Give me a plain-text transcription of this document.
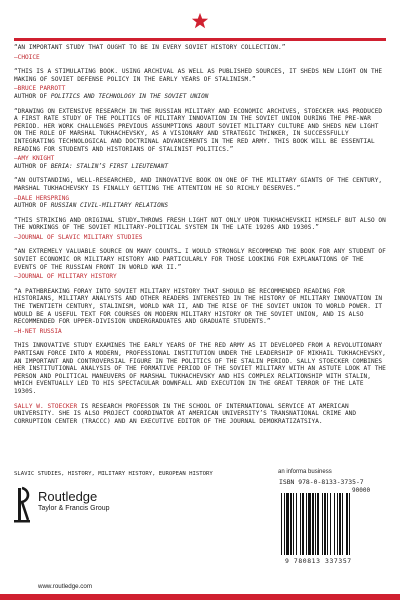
“AN IMPORTANT STUDY THAT OUGHT TO BE IN EVERY SOVIET HISTORY COLLECTION.”

—CHOICE

“THIS IS A STIMULATING BOOK. USING ARCHIVAL AS WELL AS PUBLISHED SOURCES, IT SHEDS NEW LIGHT ON THE MAKING OF SOVIET DEFENSE POLICY IN THE EARLY YEARS OF STALINISM.”

—BRUCE PARROTT

AUTHOR OF POLITICS AND TECHNOLOGY IN THE SOVIET UNION

“DRAWING ON EXTENSIVE RESEARCH IN THE RUSSIAN MILITARY AND ECONOMIC ARCHIVES, STOECKER HAS PRODUCED A FIRST RATE STUDY OF THE POLITICS OF MILITARY INNOVATION IN THE SOVIET UNION DURING THE PRE-WAR PERIOD. HER WORK CHALLENGES PREVIOUS ASSUMPTIONS ABOUT SOVIET MILITARY CULTURE AND SHEDS NEW LIGHT ON THE ROLE OF MARSHAL TUKHACHEVSKY, AS A VISIONARY AND STRATEGIC THINKER, IN SUCCESSFULLY INTEGRATING TECHNOLOGICAL AND DOCTRINAL ADVANCEMENTS IN THE RED ARMY. THIS BOOK WILL BE ESSENTIAL READING FOR STUDENTS AND HISTORIANS OF STALINIST POLITICS.”

—AMY KNIGHT

AUTHOR OF BERIA: STALIN’S FIRST LIEUTENANT

“AN OUTSTANDING, WELL-RESEARCHED, AND INNOVATIVE BOOK ON ONE OF THE MILITARY GIANTS OF THE CENTURY, MARSHAL TUKHACHEVSKY IS FINALLY GETTING THE ATTENTION HE SO RICHLY DESERVES.”

—DALE HERSPRING

AUTHOR OF RUSSIAN CIVIL-MILITARY RELATIONS

“THIS STRIKING AND ORIGINAL STUDY…THROWS FRESH LIGHT NOT ONLY UPON TUKHACHEVSKII HIMSELF BUT ALSO ON THE WORKINGS OF THE SOVIET MILITARY-POLITICAL SYSTEM IN THE LATE 1920S AND 1930S.”

—JOURNAL OF SLAVIC MILITARY STUDIES

“AN EXTREMELY VALUABLE SOURCE ON MANY COUNTS… I WOULD STRONGLY RECOMMEND THE BOOK FOR ANY STUDENT OF SOVIET ECONOMIC OR MILITARY HISTORY AND PARTICULARLY FOR THOSE LOOKING FOR EXPLANATIONS OF THE EVENTS OF THE RUSSIAN FRONT IN WORLD WAR II.”

—JOURNAL OF MILITARY HISTORY

“A PATHBREAKING FORAY INTO SOVIET MILITARY HISTORY THAT SHOULD BE RECOMMENDED READING FOR HISTORIANS, MILITARY ANALYSTS AND OTHER READERS INTERESTED IN THE HISTORY OF MILITARY INNOVATION IN THE TWENTIETH CENTURY, STALINISM, WORLD WAR II, AND THE RISE OF THE SOVIET UNION TO WORLD POWER. IT WOULD BE A USEFUL TEXT FOR COURSES ON MODERN MILITARY HISTORY OR THE SOVIET UNION, AND IS ALSO RECOMMENDED FOR UPPER-DIVISION UNDERGRADUATES AND GRADUATE STUDENTS.”

—H-NET RUSSIA

THIS INNOVATIVE STUDY EXAMINES THE EARLY YEARS OF THE RED ARMY AS IT DEVELOPED FROM A REVOLUTIONARY PARTISAN FORCE INTO A MODERN, PROFESSIONAL INSTITUTION UNDER THE LEADERSHIP OF MIKHAIL TUKHACHEVSKY, AN IMPORTANT AND CONTROVERSIAL FIGURE IN THE POLITICS OF THE STALIN PERIOD. SALLY STOECKER COMBINES HER INSTITUTIONAL ANALYSIS OF THE FORMATIVE PERIOD OF THE SOVIET MILITARY WITH AN ASTUTE LOOK AT THE PERSON AND POLITICAL MANEUVERS OF MARSHAL TUKHACHEVSKY AND HIS COMPLEX RELATIONSHIP WITH STALIN, WHICH EVENTUALLY LED TO HIS SPECTACULAR DOWNFALL AND EXECUTION IN THE GREAT TERROR OF THE LATE 1930S.

SALLY W. STOECKER IS RESEARCH PROFESSOR IN THE SCHOOL OF INTERNATIONAL SERVICE AT AMERICAN UNIVERSITY. SHE IS ALSO PROJECT COORDINATOR AT AMERICAN UNIVERSITY’S TRANSNATIONAL CRIME AND CORRUPTION CENTER (TRACCC) AND AN EXECUTIVE EDITOR OF THE JOURNAL DEMOKRATIZATSIYA.

SLAVIC STUDIES, HISTORY, MILITARY HISTORY, EUROPEAN HISTORY	an informa business
ISBN 978-0-8133-3735-7
90000
9 780813 337357
Routledge
Taylor & Francis Group
www.routledge.com
